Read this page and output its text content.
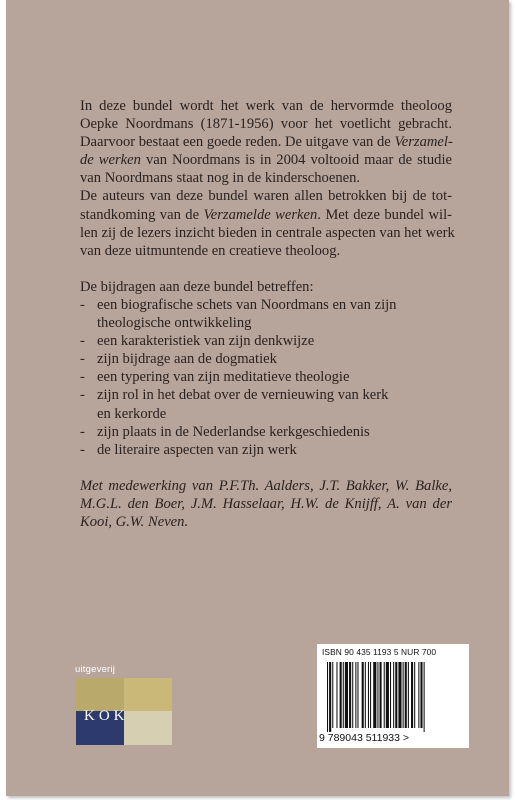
In deze bundel wordt het werk van de hervormde theoloog
Oepke Noordmans (1871-1956) voor het voetlicht gebracht.
Daarvoor bestaat een goede reden. De uitgave van de Verzamel-
de werken van Noordmans is in 2004 voltooid maar de studie
van Noordmans staat nog in de kinderschoenen.

De auteurs van deze bundel waren allen betrokken bij de tot-
standkoming van de Verzamelde werken. Met deze bundel wil-
len zij de lezers inzicht bieden in centrale aspecten van het werk
van deze uitmuntende en creatieve theoloog.

De bijdragen aan deze bundel betreffen:
- een biografische schets van Noordmans en van zijn
theologische ontwikkeling
- een karakteristiek van zijn denkwijze
- zijn bijdrage aan de dogmatiek
- een typering van zijn meditatieve theologie
- zijn rol in het debat over de vernieuwing van kerk
en kerkorde
- zijn plaats in de Nederlandse kerkgeschiedenis
- de literaire aspecten van zijn werk

Met medewerking van P.F.Th. Aalders, J.T. Bakker, W. Balke,
M.G.L. den Boer, J.M. Hasselaar, H.W. de Knijff, A. van der
Kooi, G.W. Neven.

uitgeverij
KOK
ISBN 90 435 1193 5 NUR 700
9 789043 511933 >
